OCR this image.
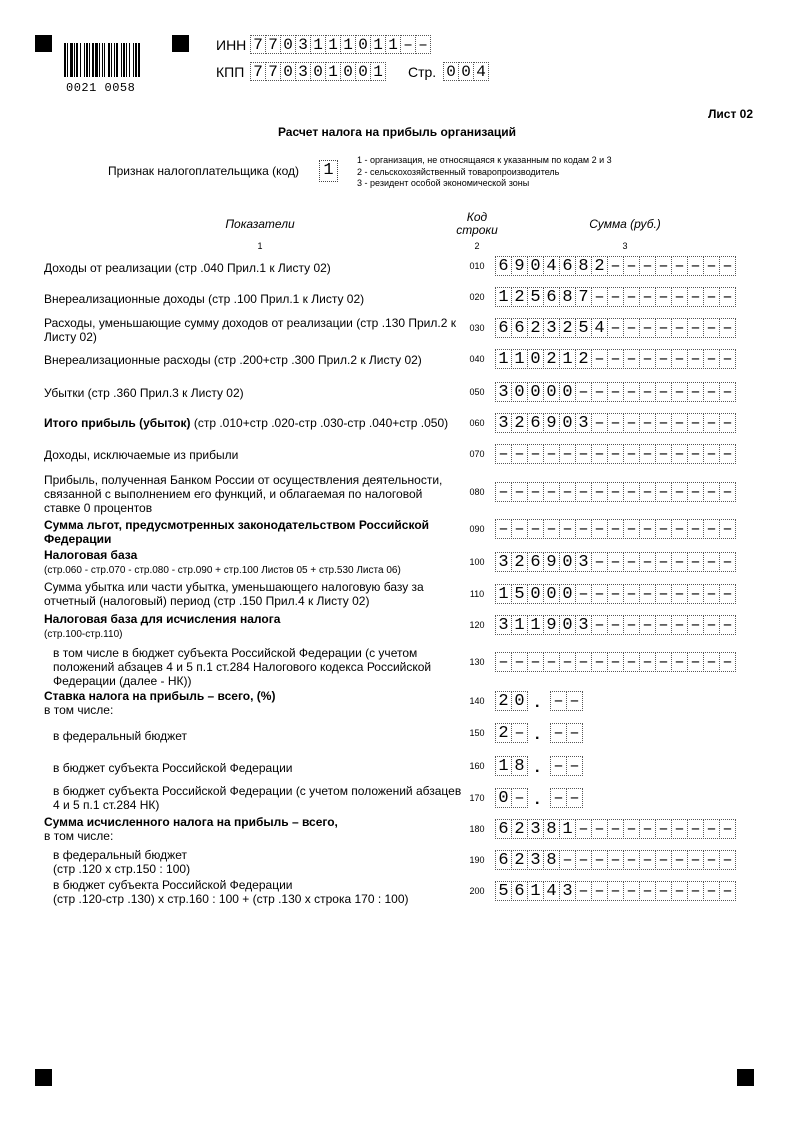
0021 0058
ИНН 7 7 0 3 1 1 1 0 1 1 – –
КПП 7 7 0 3 0 1 0 0 1 Стр. 0 0 4
Лист 02
Расчет налога на прибыль организаций
Признак налогоплательщика (код) 1
1 - организация, не относящаяся к указанным по кодам 2 и 3
2 - сельскохозяйственный товаропроизводитель
3 - резидент особой экономической зоны
Показатели	Код строки	Сумма (руб.)
1	2	3
Доходы от реализации (стр .040 Прил.1 к Листу 02)	010 6 9 0 4 6 8 2 – – – – – – – –
Внереализационные доходы (стр .100 Прил.1 к Листу 02)	020 1 2 5 6 8 7 – – – – – – – – –
Расходы, уменьшающие сумму доходов от реализации (стр .130 Прил.2 к Листу 02)
030 6 6 2 3 2 5 4 – – – – – – – –
Внереализационные расходы (стр .200+стр .300 Прил.2 к Листу 02)	040 1 1 0 2 1 2 – – – – – – – – –
Убытки (стр .360 Прил.3 к Листу 02)	050 3 0 0 0 0 – – – – – – – – – –
Итого прибыль (убыток) (стр .010+стр .020-стр .030-стр .040+стр .050)	060 3 2 6 9 0 3 – – – – – – – – –
Доходы, исключаемые из прибыли	070 – – – – – – – – – – – – – – –
Прибыль, полученная Банком России от осуществления деятельности, связанной с выполнением его функций, и облагаемая по налоговой ставке 0 процентов
080 – – – – – – – – – – – – – – –
Сумма льгот, предусмотренных законодательством Российской Федерации
090 – – – – – – – – – – – – – – –
Налоговая база
(стр.060 - стр.070 - стр.080 - стр.090 + стр.100 Листов 05 + стр.530 Листа 06)
100 3 2 6 9 0 3 – – – – – – – – –
Сумма убытка или части убытка, уменьшающего налоговую базу за отчетный (налоговый) период (стр .150 Прил.4 к Листу 02)	110 1 5 0 0 0 – – – – – – – – – –
Налоговая база для исчисления налога
(стр.100-стр.110)
120 3 1 1 9 0 3 – – – – – – – – –
в том числе в бюджет субъекта Российской Федерации (с учетом положений абзацев 4 и 5 п.1 ст.284 Налогового кодекса Российской Федерации (далее - НК))
130 – – – – – – – – – – – – – – –
Ставка налога на прибыль – всего, (%)
в том числе:
140 2 0 . – –
в федеральный бюджет	150 2 – . – –
в бюджет субъекта Российской Федерации	160 1 8 . – –
в бюджет субъекта Российской Федерации (с учетом положений абзацев 4 и 5 п.1 ст.284 НК)	170 0 – . – –
Сумма исчисленного налога на прибыль – всего,
в том числе:	180 6 2 3 8 1 – – – – – – – – – –
в федеральный бюджет
(стр .120 х стр.150 : 100)
190 6 2 3 8 – – – – – – – – – – –
в бюджет субъекта Российской Федерации
(стр .120-стр .130) х стр.160 : 100 + (стр .130 х строка 170 : 100)
200 5 6 1 4 3 – – – – – – – – – –
